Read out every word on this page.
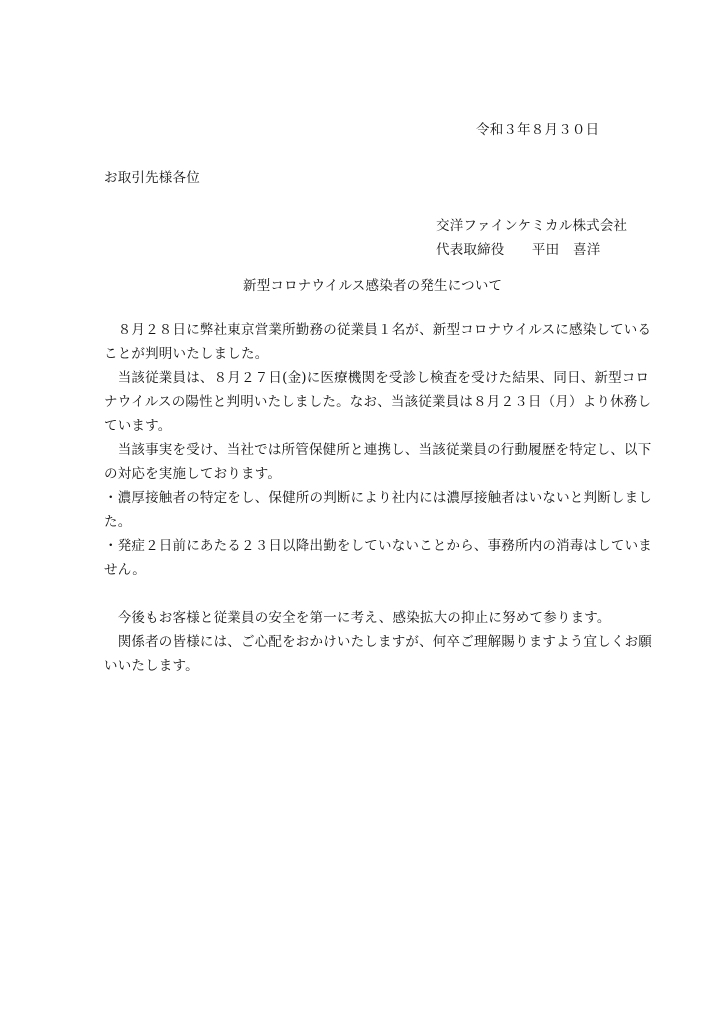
令和３年８月３０日
お取引先様各位
交洋ファインケミカル株式会社
代表取締役　　平田　喜洋
新型コロナウイルス感染者の発生について
　８月２８日に弊社東京営業所勤務の従業員１名が、新型コロナウイルスに感染している
ことが判明いたしました。
　当該従業員は、８月２７日(金)に医療機関を受診し検査を受けた結果、同日、新型コロ
ナウイルスの陽性と判明いたしました。なお、当該従業員は８月２３日（月）より休務し
ています。
　当該事実を受け、当社では所管保健所と連携し、当該従業員の行動履歴を特定し、以下
の対応を実施しております。
・濃厚接触者の特定をし、保健所の判断により社内には濃厚接触者はいないと判断しまし
た。
・発症２日前にあたる２３日以降出勤をしていないことから、事務所内の消毒はしていま
せん。
　今後もお客様と従業員の安全を第一に考え、感染拡大の抑止に努めて参ります。
　関係者の皆様には、ご心配をおかけいたしますが、何卒ご理解賜りますよう宜しくお願
いいたします。
